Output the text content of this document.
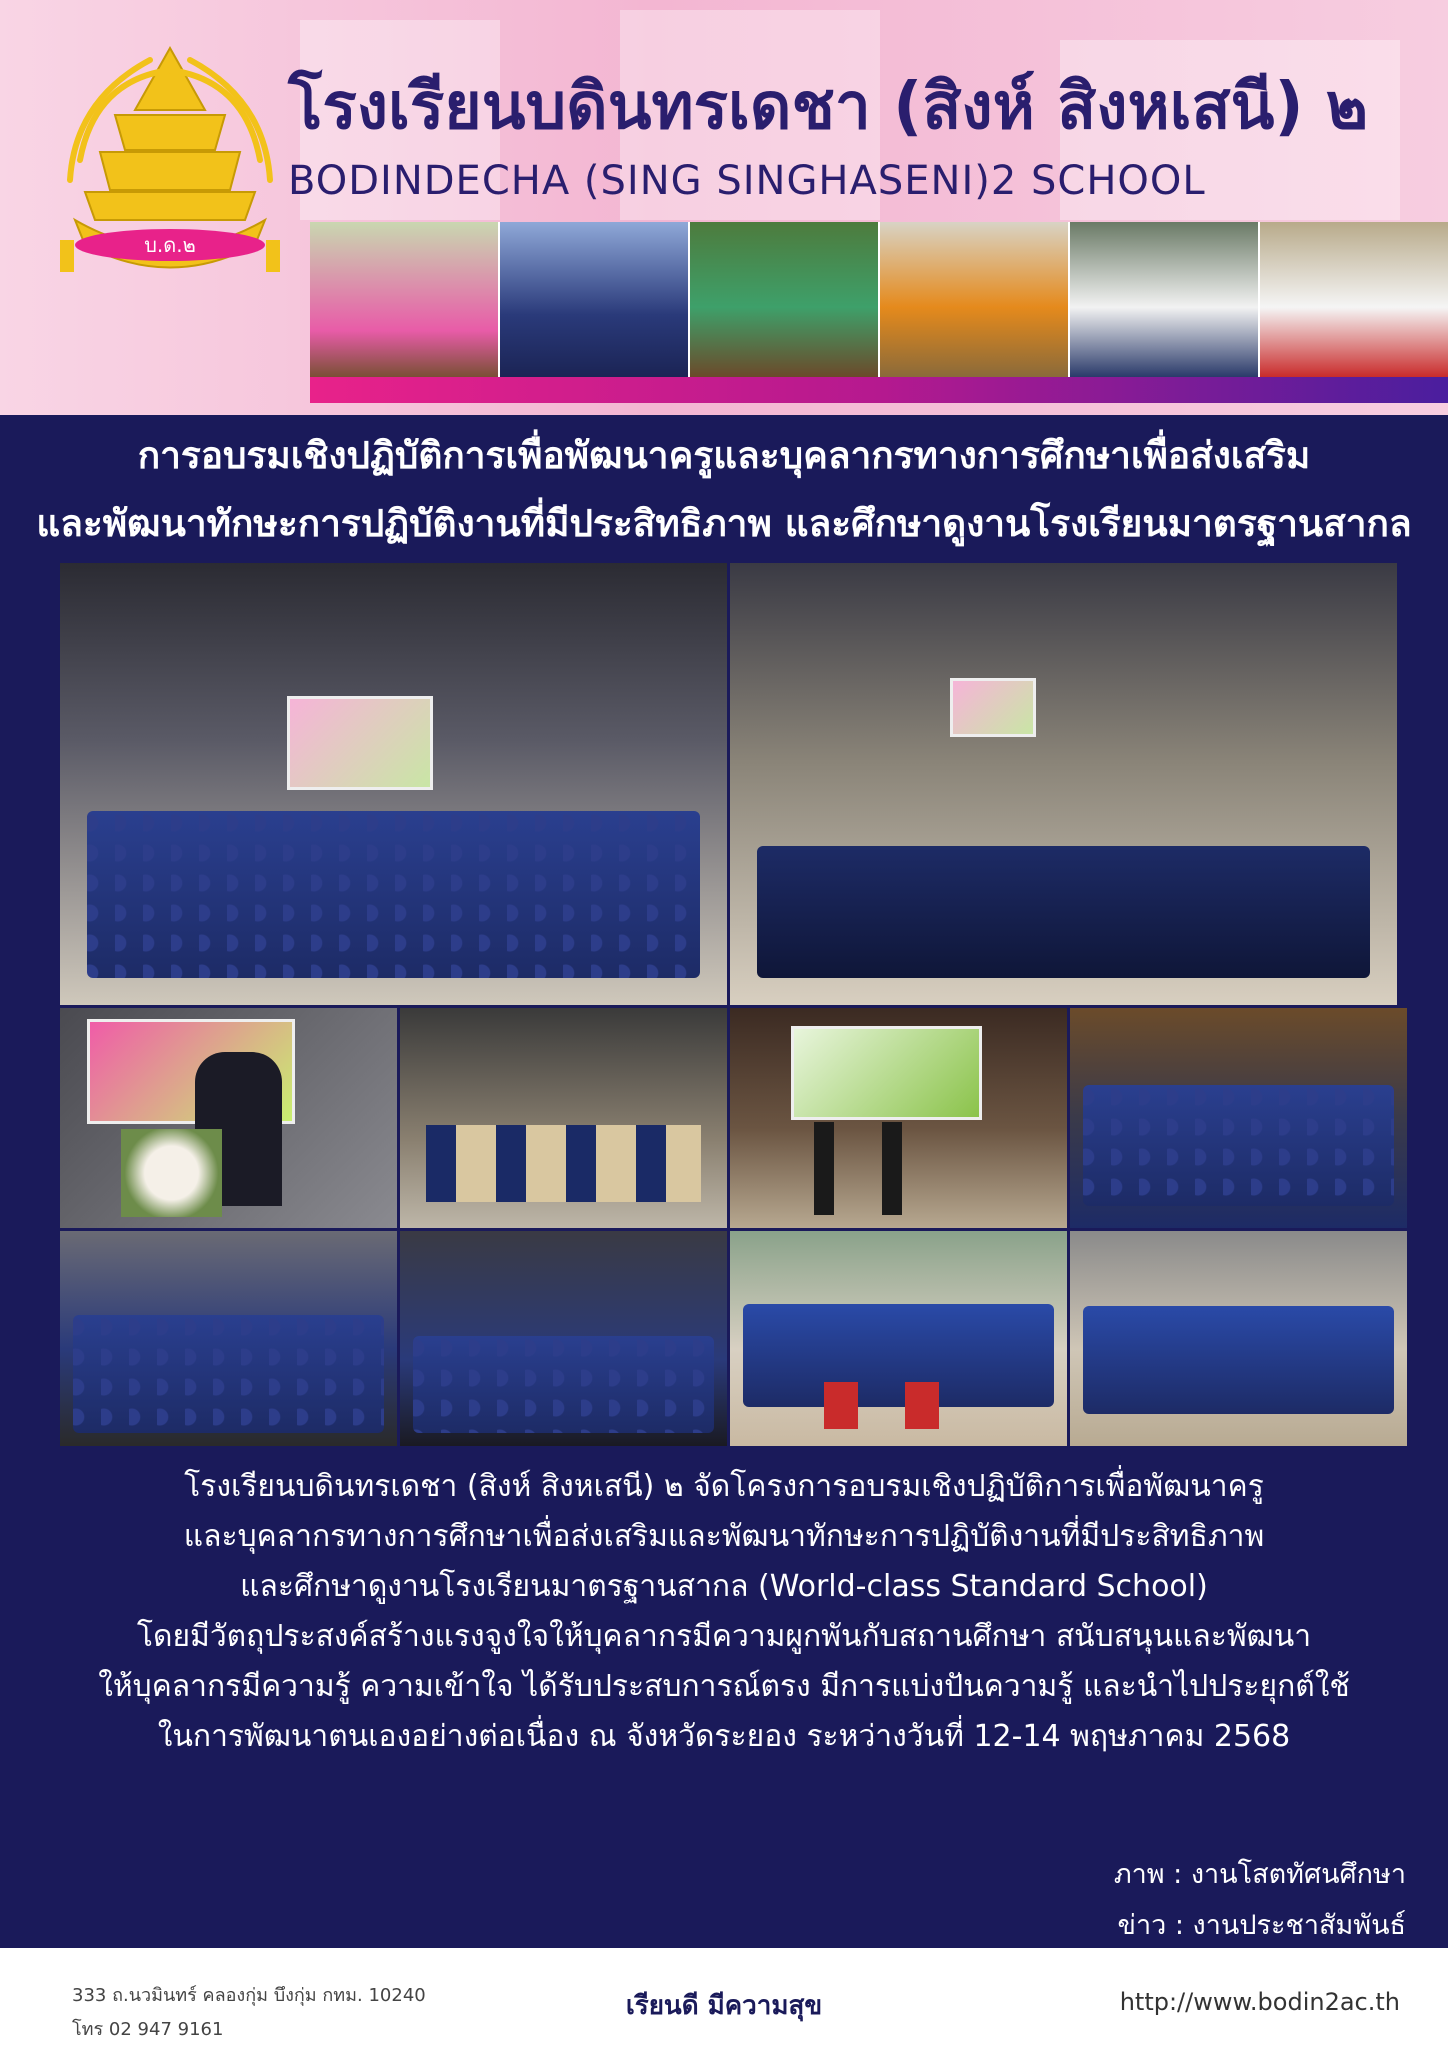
บ.ด.๒
โรงเรียนบดินทรเดชา (สิงห์ สิงหเสนี) ๒
BODINDECHA (SING SINGHASENI)2 SCHOOL
การอบรมเชิงปฏิบัติการเพื่อพัฒนาครูและบุคลากรทางการศึกษาเพื่อส่งเสริม
และพัฒนาทักษะการปฏิบัติงานที่มีประสิทธิภาพ และศึกษาดูงานโรงเรียนมาตรฐานสากล
โรงเรียนบดินทรเดชา (สิงห์ สิงหเสนี) ๒ จัดโครงการอบรมเชิงปฏิบัติการเพื่อพัฒนาครู
และบุคลากรทางการศึกษาเพื่อส่งเสริมและพัฒนาทักษะการปฏิบัติงานที่มีประสิทธิภาพ
และศึกษาดูงานโรงเรียนมาตรฐานสากล (World-class Standard School)
โดยมีวัตถุประสงค์สร้างแรงจูงใจให้บุคลากรมีความผูกพันกับสถานศึกษา สนับสนุนและพัฒนา
ให้บุคลากรมีความรู้ ความเข้าใจ ได้รับประสบการณ์ตรง มีการแบ่งปันความรู้ และนำไปประยุกต์ใช้
ในการพัฒนาตนเองอย่างต่อเนื่อง ณ จังหวัดระยอง ระหว่างวันที่ 12-14 พฤษภาคม 2568
ภาพ : งานโสตทัศนศึกษา
ข่าว : งานประชาสัมพันธ์
333 ถ.นวมินทร์ คลองกุ่ม บึงกุ่ม กทม. 10240
โทร 02 947 9161
เรียนดี มีความสุข	http://www.bodin2ac.th
